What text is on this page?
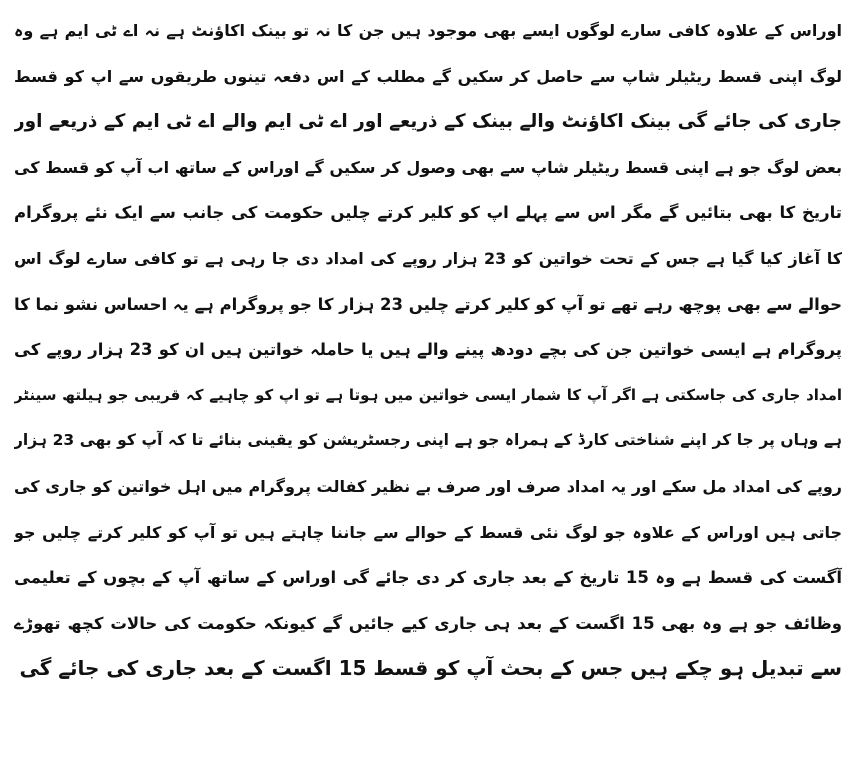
اوراس کے علاوہ کافی سارے لوگوں ایسے بھی موجود ہیں جن کا نہ تو بینک اکاؤنٹ ہے نہ اے ٹی ایم ہے وہ
لوگ اپنی قسط ریٹیلر شاپ سے حاصل کر سکیں گے مطلب کے اس دفعہ تینوں طریقوں سے اپ کو قسط
جاری کی جائے گی بینک اکاؤنٹ والے بینک کے ذریعے اور اے ٹی ایم والے اے ٹی ایم کے ذریعے اور
بعض لوگ جو ہے اپنی قسط ریٹیلر شاپ سے بھی وصول کر سکیں گے اوراس کے ساتھ اب آپ کو قسط کی
تاریخ کا بھی بتائیں گے مگر اس سے پہلے اپ کو کلیر کرتے چلیں حکومت کی جانب سے ایک نئے پروگرام
کا آغاز کیا گیا ہے جس کے تحت خواتین کو 23 ہزار روپے کی امداد دی جا رہی ہے تو کافی سارے لوگ اس
حوالے سے بھی پوچھ رہے تھے تو آپ کو کلیر کرتے چلیں 23 ہزار کا جو پروگرام ہے یہ احساس نشو نما کا
پروگرام ہے ایسی خواتین جن کی بچے دودھ پینے والے ہیں یا حاملہ خواتین ہیں ان کو 23 ہزار روپے کی
امداد جاری کی جاسکتی ہے اگر آپ کا شمار ایسی خواتین میں ہوتا ہے تو اپ کو چاہیے کہ قریبی جو ہیلتھ سینٹر
ہے وہاں پر جا کر اپنے شناختی کارڈ کے ہمراہ جو ہے اپنی رجسٹریشن کو یقینی بنائے تا کہ آپ کو بھی 23 ہزار
روپے کی امداد مل سکے اور یہ امداد صرف اور صرف بے نظیر کفالت پروگرام میں اہل خواتین کو جاری کی
جاتی ہیں اوراس کے علاوہ جو لوگ نئی قسط کے حوالے سے جاننا چاہتے ہیں تو آپ کو کلیر کرتے چلیں جو
آگست کی قسط ہے وہ 15 تاریخ کے بعد جاری کر دی جائے گی اوراس کے ساتھ آپ کے بچوں کے تعلیمی
وظائف جو ہے وہ بھی 15 اگست کے بعد ہی جاری کیے جائیں گے کیونکہ حکومت کی حالات کچھ تھوڑے
سے تبدیل ہو چکے ہیں جس کے بحث آپ کو قسط 15 اگست کے بعد جاری کی جائے گی
